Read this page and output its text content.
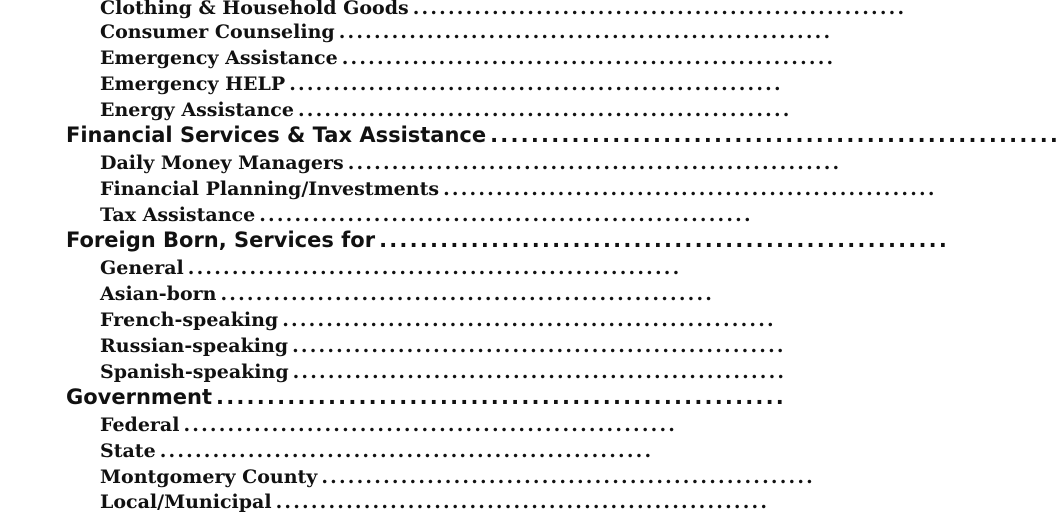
Clothing & Household Goods ........................................................
Consumer Counseling ........................................................
Emergency Assistance ........................................................
Emergency HELP ........................................................
Energy Assistance ........................................................
Financial Services & Tax Assistance ........................................................
Daily Money Managers ........................................................
Financial Planning/Investments ........................................................
Tax Assistance ........................................................
Foreign Born, Services for ........................................................
General ........................................................
Asian-born ........................................................
French-speaking ........................................................
Russian-speaking ........................................................
Spanish-speaking ........................................................
Government ........................................................
Federal ........................................................
State ........................................................
Montgomery County ........................................................
Local/Municipal ........................................................
